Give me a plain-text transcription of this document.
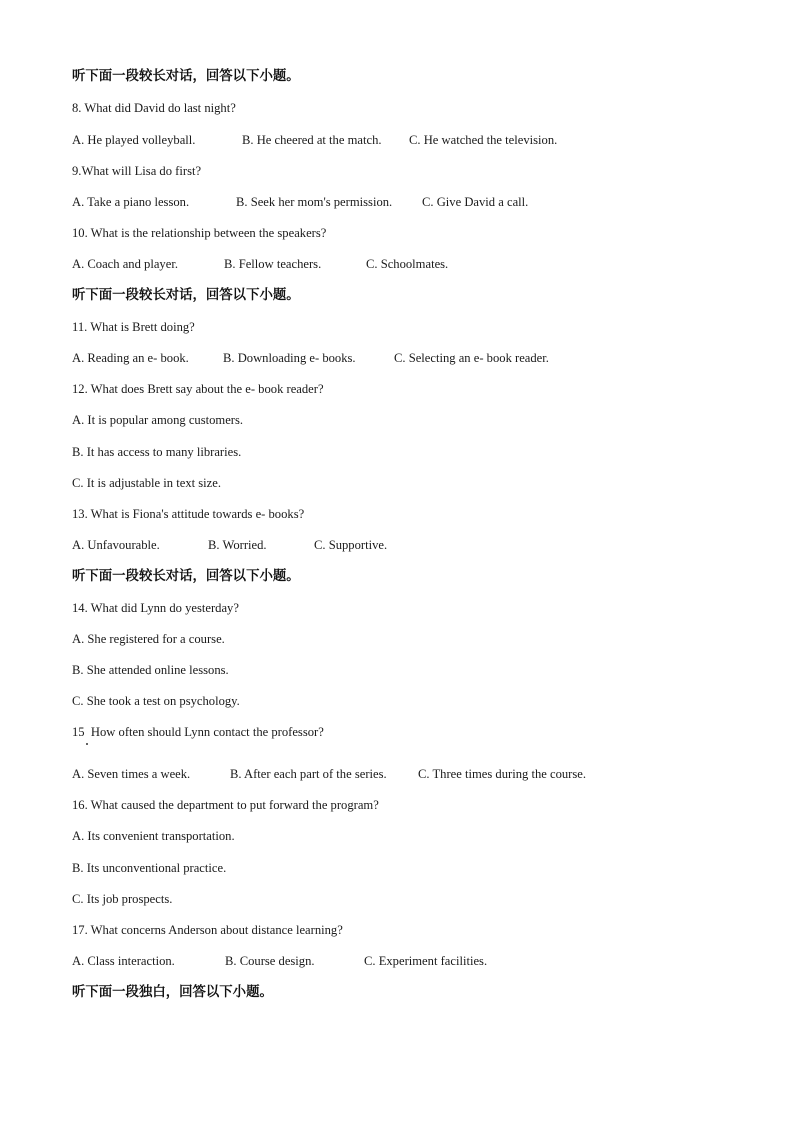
听下面一段较长对话，回答以下小题。
8. What did David do last night?
A. He played volleyball.	B. He cheered at the match. C. He watched the television.
9.What will Lisa do first?
A. Take a piano lesson.	B. Seek her mom's permission. C. Give David a call.
10. What is the relationship between the speakers?
A. Coach and player.	B. Fellow teachers.	C. Schoolmates.
听下面一段较长对话，回答以下小题。
11. What is Brett doing?
A. Reading an e- book.	B. Downloading e- books.	C. Selecting an e- book reader.
12. What does Brett say about the e- book reader?
A. It is popular among customers.
B. It has access to many libraries.
C. It is adjustable in text size.
13. What is Fiona's attitude towards e- books?
A. Unfavourable.	B. Worried.	C. Supportive.
听下面一段较长对话，回答以下小题。
14. What did Lynn do yesterday?
A. She registered for a course.
B. She attended online lessons.
C. She took a test on psychology.
15  How often should Lynn contact the professor?
A. Seven times a week.	B. After each part of the series. C. Three times during the course.
16. What caused the department to put forward the program?
A. Its convenient transportation.
B. Its unconventional practice.
C. Its job prospects.
17. What concerns Anderson about distance learning?
A. Class interaction.	B. Course design.	C. Experiment facilities.
听下面一段独白，回答以下小题。
